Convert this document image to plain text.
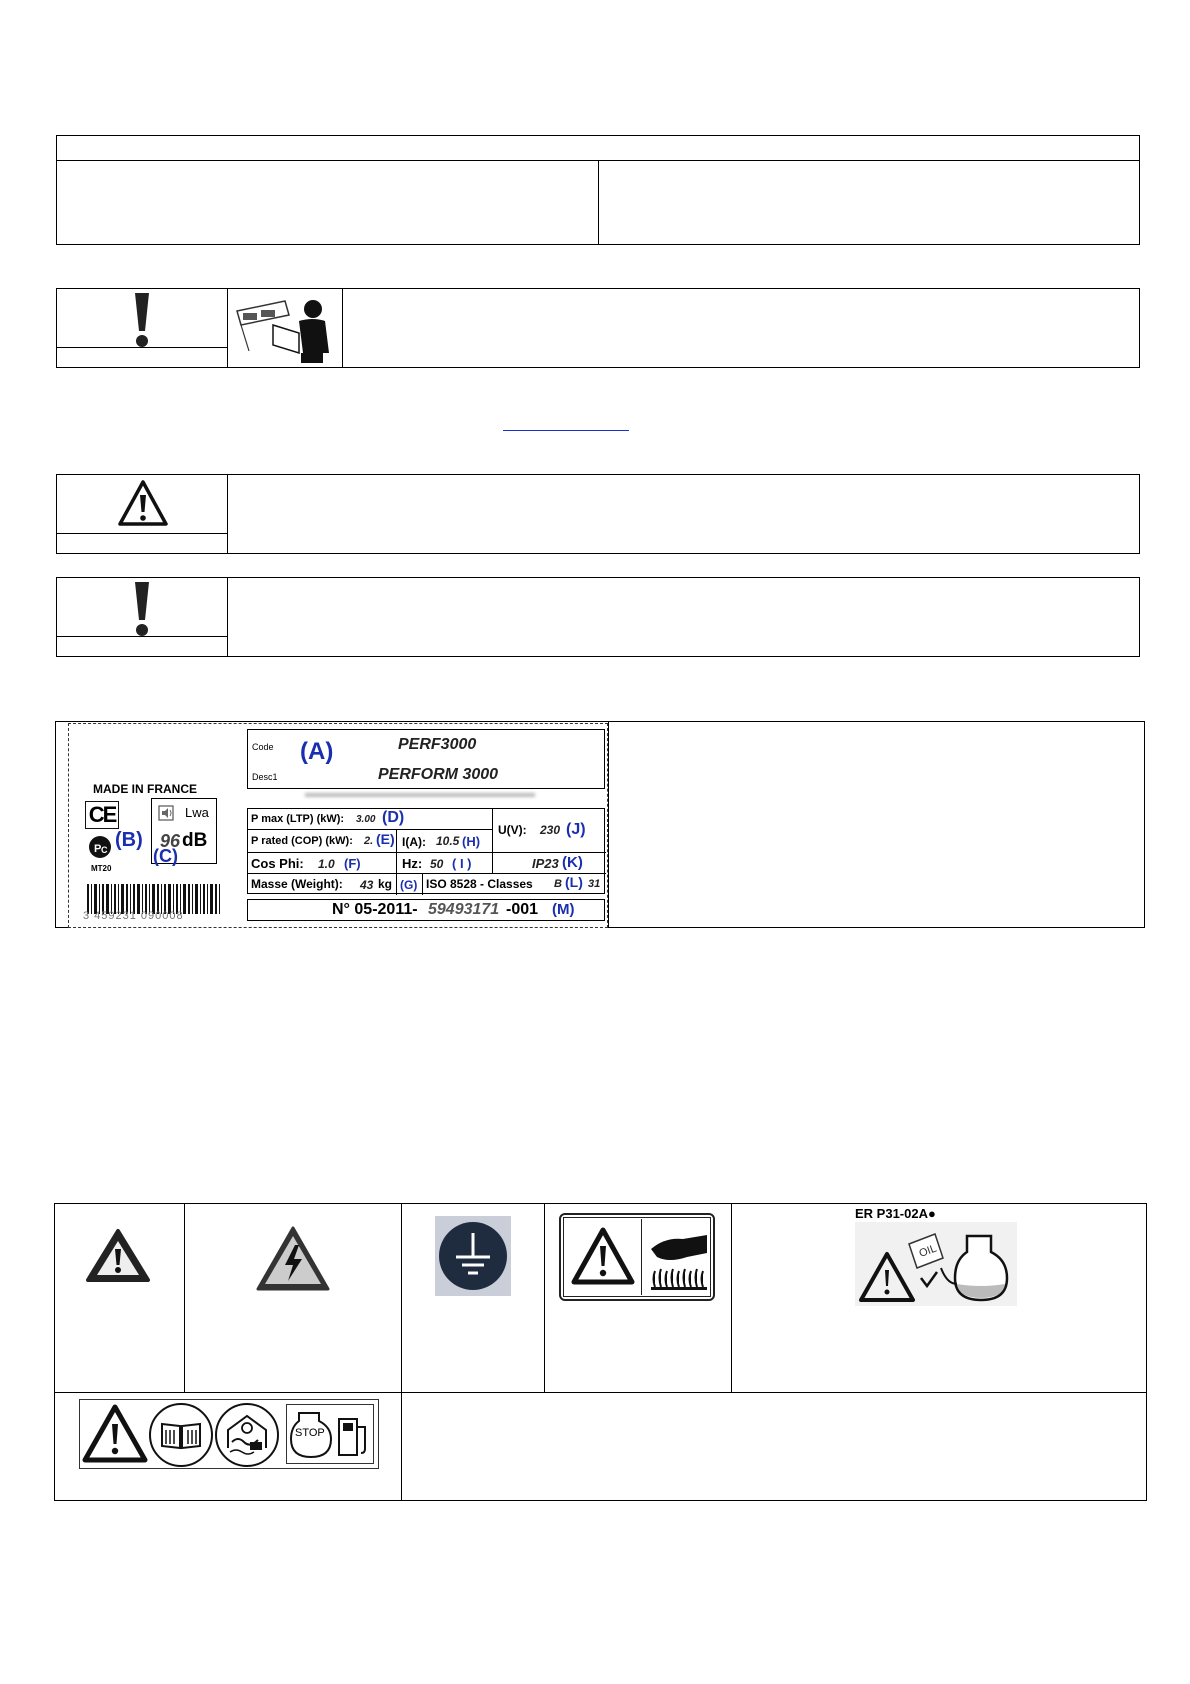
MADE IN FRANCE
CE
P C (B)
MT20
Lwa
96 dB
(C)
3 459231 090008
Code
Desc1
(A)	PERF3000
PERFORM 3000
P max (LTP) (kW): 3.00 (D)
P rated (COP) (kW): 2. (E) I(A): 10.5 (H)
U(V): 230 (J)
Cos Phi: 1.0 (F)	Hz: 50 ( I )	IP23 (K)
Masse (Weight): 43 kg (G) ISO 8528 - Classes B (L) 31
N° 05-2011- 59493171 -001 (M)
ER P31-02A●
OIL
STOP
